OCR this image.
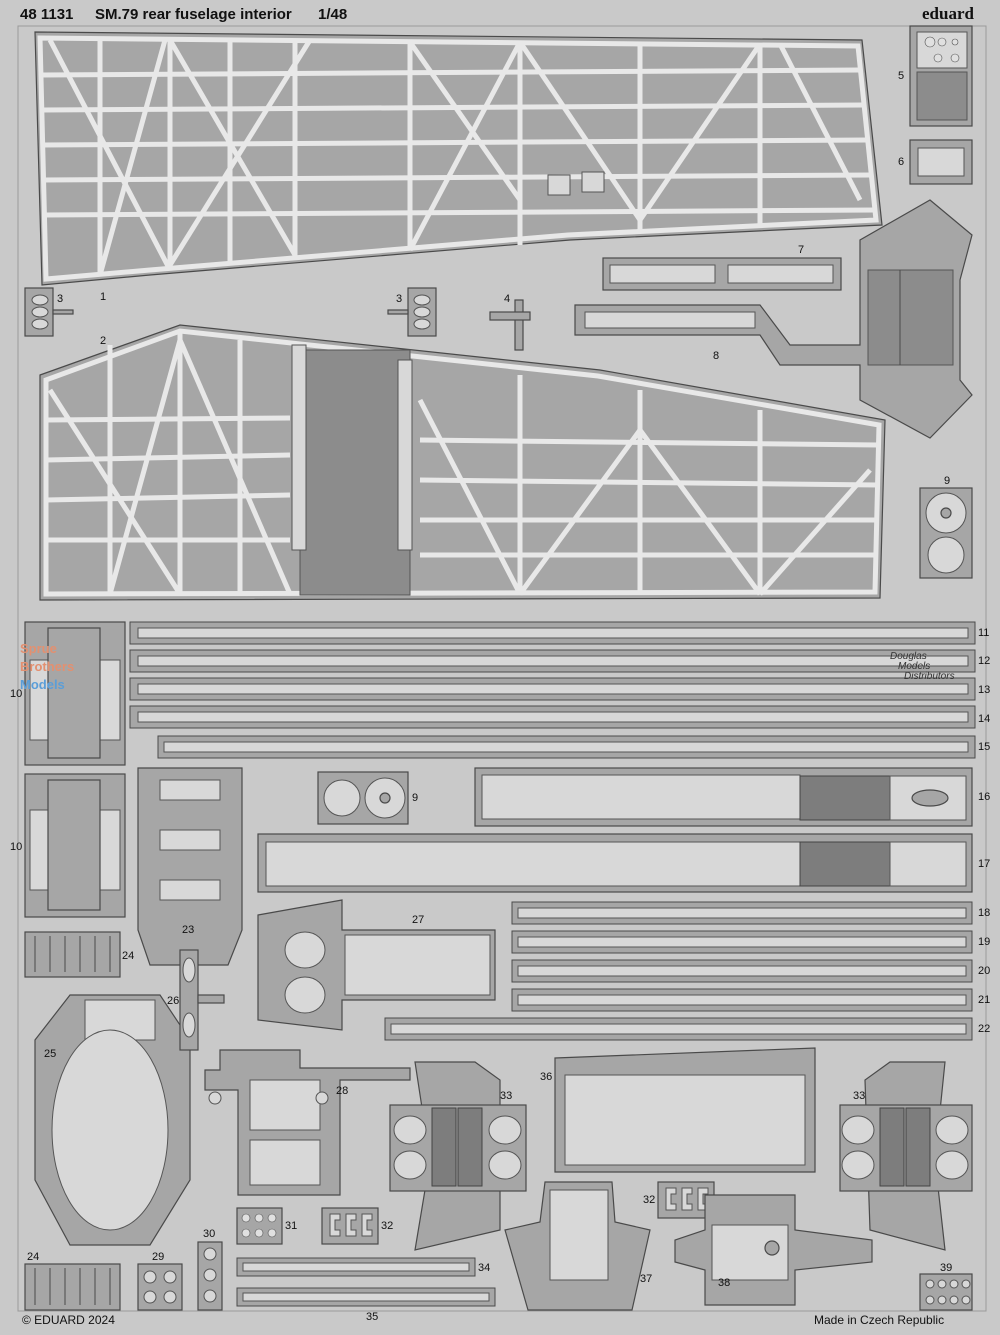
48 1131 SM.79 rear fuselage interior 1/48	eduard
Sprue
Brothers
Models
Douglas
Models
Distributors
© EDUARD 2024	Made in Czech Republic
1
2
3	3	4
5
6
7
8
9
9
10
10
11
12
13
14
15
16
17
18
19
20
21
22
23
24
24
25
26
27
28
29
30
31	32
32
33	33
34
35
36
37	38
39
